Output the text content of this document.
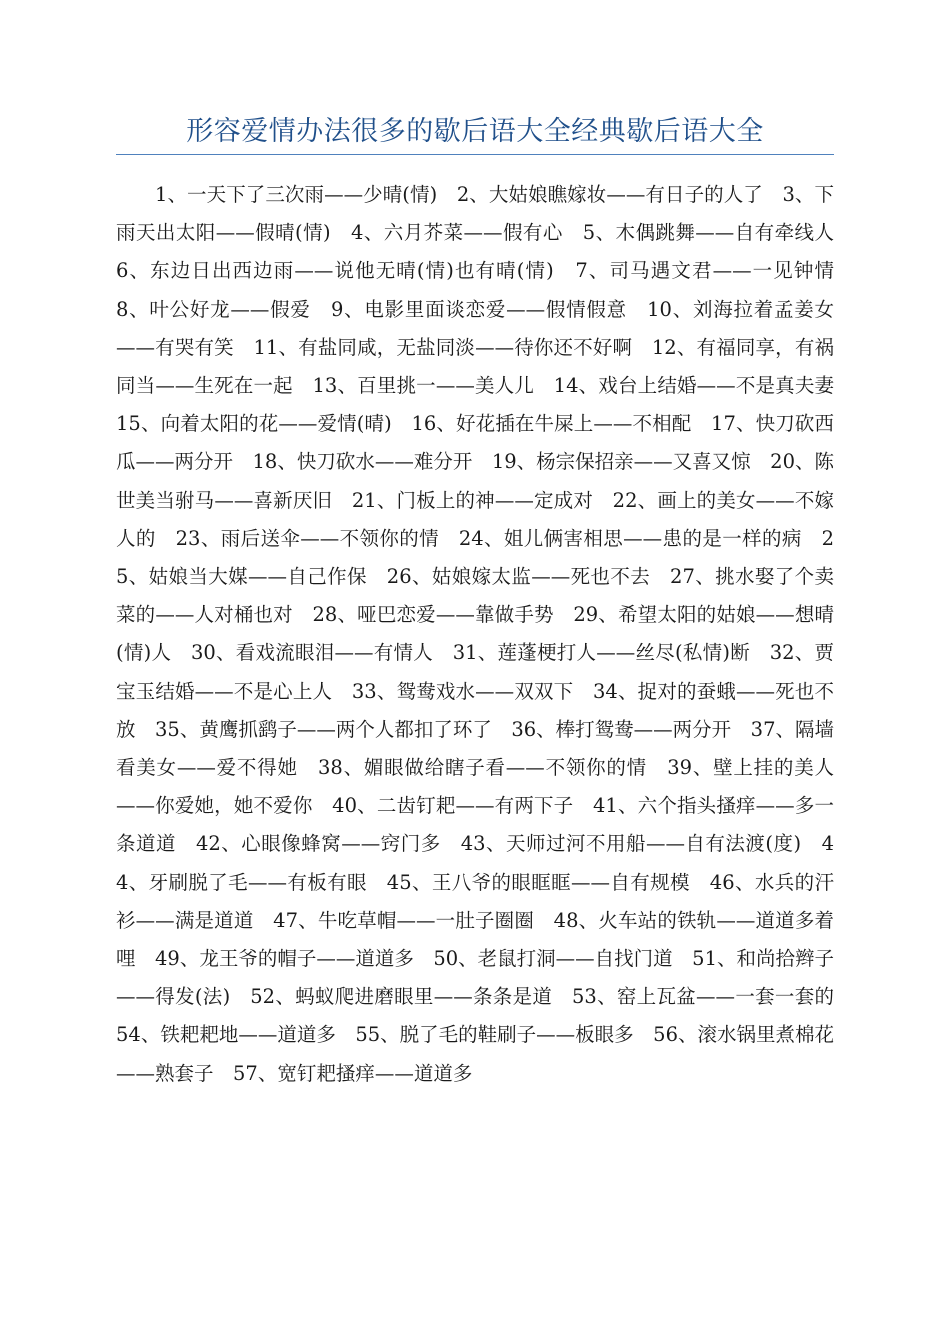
形容爱情办法很多的歇后语大全经典歇后语大全

1、一天下了三次雨——少晴(情)　2、大姑娘瞧嫁妆——有日子的人了　3、下雨天出太阳——假晴(情)　4、六月芥菜——假有心　5、木偶跳舞——自有牵线人　6、东边日出西边雨——说他无晴(情)也有晴(情)　7、司马遇文君——一见钟情　8、叶公好龙——假爱　9、电影里面谈恋爱——假情假意　10、刘海拉着孟姜女——有哭有笑　11、有盐同咸，无盐同淡——待你还不好啊　12、有福同享，有祸同当——生死在一起　13、百里挑一——美人儿　14、戏台上结婚——不是真夫妻　15、向着太阳的花——爱情(晴)　16、好花插在牛屎上——不相配　17、快刀砍西瓜——两分开　18、快刀砍水——难分开　19、杨宗保招亲——又喜又惊　20、陈世美当驸马——喜新厌旧　21、门板上的神——定成对　22、画上的美女——不嫁人的　23、雨后送伞——不领你的情　24、姐儿俩害相思——患的是一样的病　25、姑娘当大媒——自己作保　26、姑娘嫁太监——死也不去　27、挑水娶了个卖菜的——人对桶也对　28、哑巴恋爱——靠做手势　29、希望太阳的姑娘——想晴(情)人　30、看戏流眼泪——有情人　31、莲蓬梗打人——丝尽(私情)断　32、贾宝玉结婚——不是心上人　33、鸳鸯戏水——双双下　34、捉对的蚕蛾——死也不放　35、黄鹰抓鹞子——两个人都扣了环了　36、棒打鸳鸯——两分开　37、隔墙看美女——爱不得她　38、媚眼做给瞎子看——不领你的情　39、壁上挂的美人——你爱她，她不爱你　40、二齿钉耙——有两下子　41、六个指头搔痒——多一条道道　42、心眼像蜂窝——窍门多　43、天师过河不用船——自有法渡(度)　44、牙刷脱了毛——有板有眼　45、王八爷的眼眶眶——自有规模　46、水兵的汗衫——满是道道　47、牛吃草帽——一肚子圈圈　48、火车站的铁轨——道道多着哩　49、龙王爷的帽子——道道多　50、老鼠打洞——自找门道　51、和尚拾辫子——得发(法)　52、蚂蚁爬进磨眼里——条条是道　53、窑上瓦盆——一套一套的　54、铁耙耙地——道道多　55、脱了毛的鞋刷子——板眼多　56、滚水锅里煮棉花——熟套子　57、宽钉耙搔痒——道道多
